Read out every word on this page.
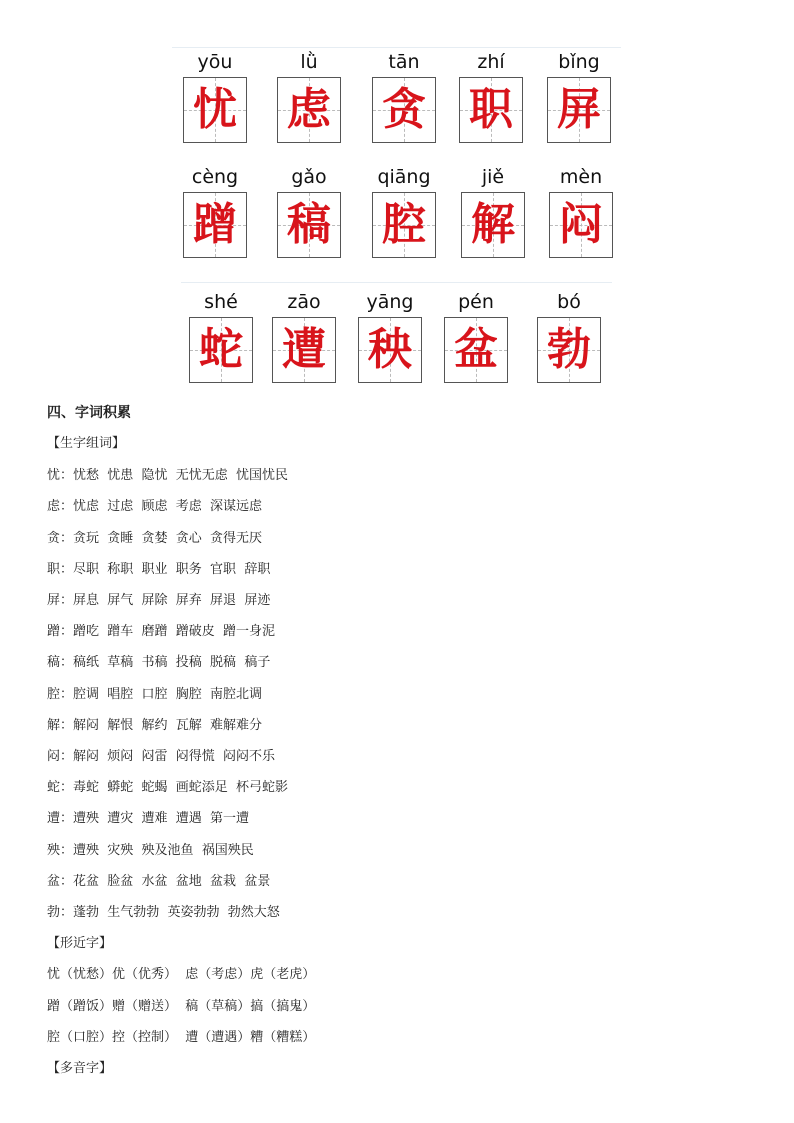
yōu
忧
lǜ
虑
tān
贪
zhí
职
bǐng
屏
cèng
蹭
gǎo
稿
qiāng
腔
jiě
解
mèn
闷
shé
蛇
zāo
遭
yāng
秧
pén
盆
bó
勃
四、字词积累
【生字组词】
忧：忧愁  忧患  隐忧  无忧无虑  忧国忧民
虑：忧虑  过虑  顾虑  考虑  深谋远虑
贪：贪玩  贪睡  贪婪  贪心  贪得无厌
职：尽职  称职  职业  职务  官职  辞职
屏：屏息  屏气  屏除  屏弃  屏退  屏迹
蹭：蹭吃  蹭车  磨蹭  蹭破皮  蹭一身泥
稿：稿纸  草稿  书稿  投稿  脱稿  稿子
腔：腔调  唱腔  口腔  胸腔  南腔北调
解：解闷  解恨  解约  瓦解  难解难分
闷：解闷  烦闷  闷雷  闷得慌  闷闷不乐
蛇：毒蛇  蟒蛇  蛇蝎  画蛇添足  杯弓蛇影
遭：遭殃  遭灾  遭难  遭遇  第一遭
殃：遭殃  灾殃  殃及池鱼  祸国殃民
盆：花盆  脸盆  水盆  盆地  盆栽  盆景
勃：蓬勃  生气勃勃  英姿勃勃  勃然大怒
【形近字】
忧（忧愁）优（优秀）  虑（考虑）虎（老虎）
蹭（蹭饭）赠（赠送）  稿（草稿）搞（搞鬼）
腔（口腔）控（控制）  遭（遭遇）糟（糟糕）
【多音字】
